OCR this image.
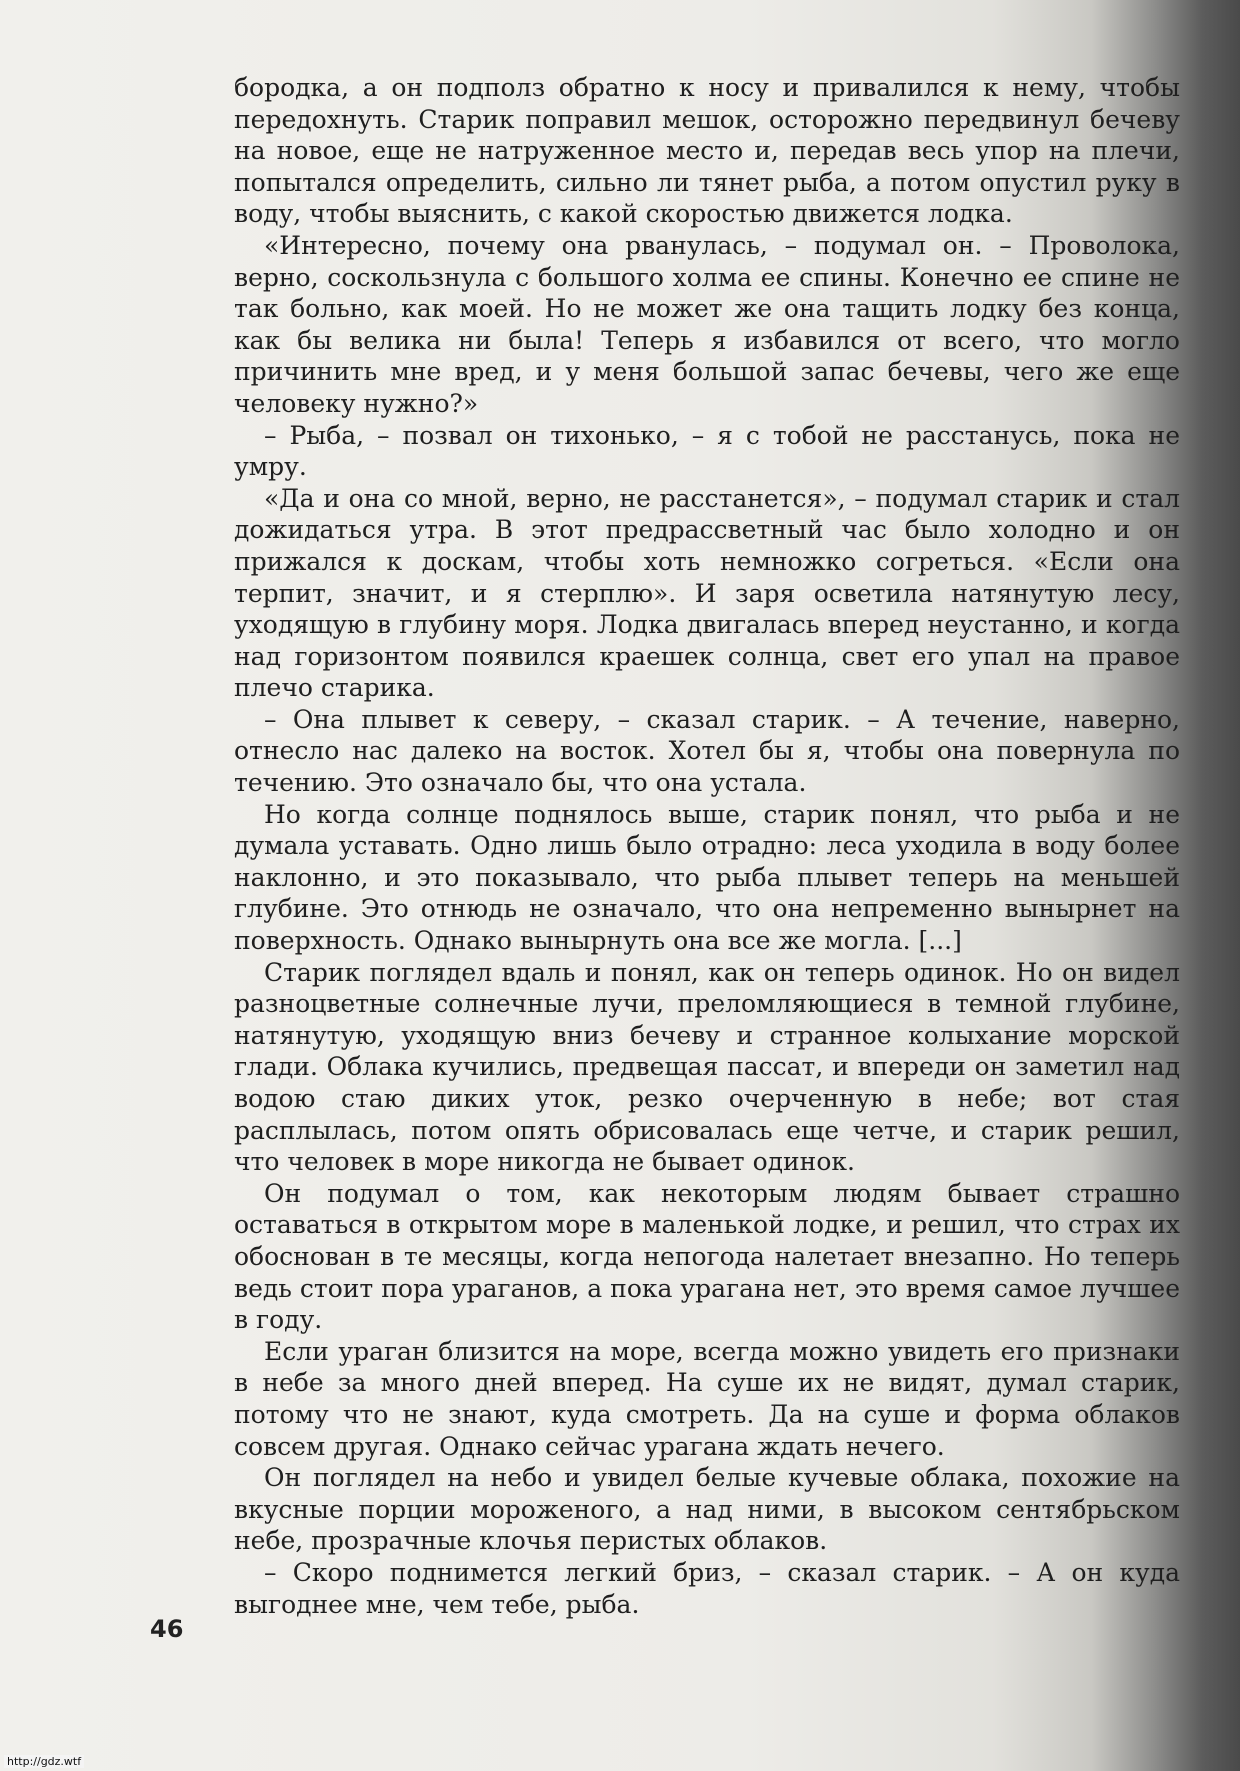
бородка, а он подполз обратно к носу и привалился к нему, чтобы передохнуть. Старик поправил мешок, осторожно передвинул бечеву на новое, еще не натруженное место и, передав весь упор на плечи, попытался определить, сильно ли тянет рыба, а потом опустил руку в воду, чтобы выяснить, с какой скоростью движется лодка.

«Интересно, почему она рванулась, – подумал он. – Проволока, верно, соскользнула с большого холма ее спины. Конечно ее спине не так больно, как моей. Но не может же она тащить лодку без конца, как бы велика ни была! Теперь я избавился от всего, что могло причинить мне вред, и у меня большой запас бечевы, чего же еще человеку нужно?»

– Рыба, – позвал он тихонько, – я с тобой не расстанусь, пока не умру.

«Да и она со мной, верно, не расстанется», – подумал старик и стал дожидаться утра. В этот предрассветный час было холодно и он прижался к доскам, чтобы хоть немножко согреться. «Если она терпит, значит, и я стерплю». И заря осветила натянутую лесу, уходящую в глубину моря. Лодка двигалась вперед неустанно, и когда над горизонтом появился краешек солнца, свет его упал на правое плечо старика.

– Она плывет к северу, – сказал старик. – А течение, наверно, отнесло нас далеко на восток. Хотел бы я, чтобы она повернула по течению. Это означало бы, что она устала.

Но когда солнце поднялось выше, старик понял, что рыба и не думала уставать. Одно лишь было отрадно: леса уходила в воду более наклонно, и это показывало, что рыба плывет теперь на меньшей глубине. Это отнюдь не означало, что она непременно вынырнет на поверхность. Однако вынырнуть она все же могла. [...]

Старик поглядел вдаль и понял, как он теперь одинок. Но он видел разноцветные солнечные лучи, преломляющиеся в темной глубине, натянутую, уходящую вниз бечеву и странное колыхание морской глади. Облака кучились, предвещая пассат, и впереди он заметил над водою стаю диких уток, резко очерченную в небе; вот стая расплылась, потом опять обрисовалась еще четче, и старик решил, что человек в море никогда не бывает одинок.

Он подумал о том, как некоторым людям бывает страшно оставаться в открытом море в маленькой лодке, и решил, что страх их обоснован в те месяцы, когда непогода налетает внезапно. Но теперь ведь стоит пора ураганов, а пока урагана нет, это время самое лучшее в году.

Если ураган близится на море, всегда можно увидеть его признаки в небе за много дней вперед. На суше их не видят, думал старик, потому что не знают, куда смотреть. Да на суше и форма облаков совсем другая. Однако сейчас урагана ждать нечего.

Он поглядел на небо и увидел белые кучевые облака, похожие на вкусные порции мороженого, а над ними, в высоком сентябрьском небе, прозрачные клочья перистых облаков.

– Скоро поднимется легкий бриз, – сказал старик. – А он куда выгоднее мне, чем тебе, рыба.

46
http://gdz.wtf
